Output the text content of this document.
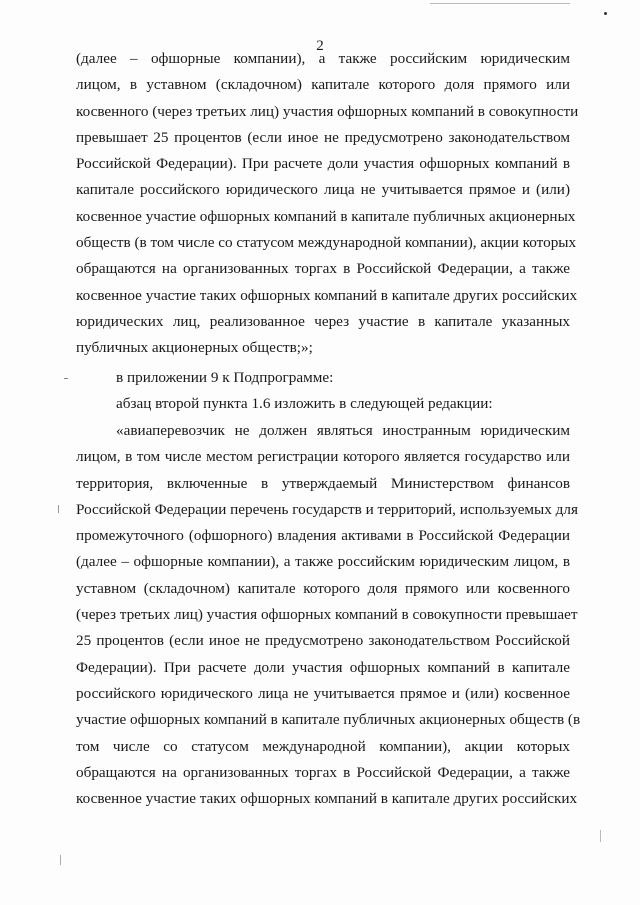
2
(далее – офшорные компании), а также российским юридическим
лицом, в уставном (складочном) капитале которого доля прямого или
косвенного (через третьих лиц) участия офшорных компаний в совокупности
превышает 25 процентов (если иное не предусмотрено законодательством
Российской Федерации). При расчете доли участия офшорных компаний в
капитале российского юридического лица не учитывается прямое и (или)
косвенное участие офшорных компаний в капитале публичных акционерных
обществ (в том числе со статусом международной компании), акции которых
обращаются на организованных торгах в Российской Федерации, а также
косвенное участие таких офшорных компаний в капитале других российских
юридических лиц, реализованное через участие в капитале указанных
публичных акционерных обществ;»;
в приложении 9 к Подпрограмме:
абзац второй пункта 1.6 изложить в следующей редакции:
«авиаперевозчик не должен являться иностранным юридическим
лицом, в том числе местом регистрации которого является государство или
территория, включенные в утверждаемый Министерством финансов
Российской Федерации перечень государств и территорий, используемых для
промежуточного (офшорного) владения активами в Российской Федерации
(далее – офшорные компании), а также российским юридическим лицом, в
уставном (складочном) капитале которого доля прямого или косвенного
(через третьих лиц) участия офшорных компаний в совокупности превышает
25 процентов (если иное не предусмотрено законодательством Российской
Федерации). При расчете доли участия офшорных компаний в капитале
российского юридического лица не учитывается прямое и (или) косвенное
участие офшорных компаний в капитале публичных акционерных обществ (в
том числе со статусом международной компании), акции которых
обращаются на организованных торгах в Российской Федерации, а также
косвенное участие таких офшорных компаний в капитале других российских
